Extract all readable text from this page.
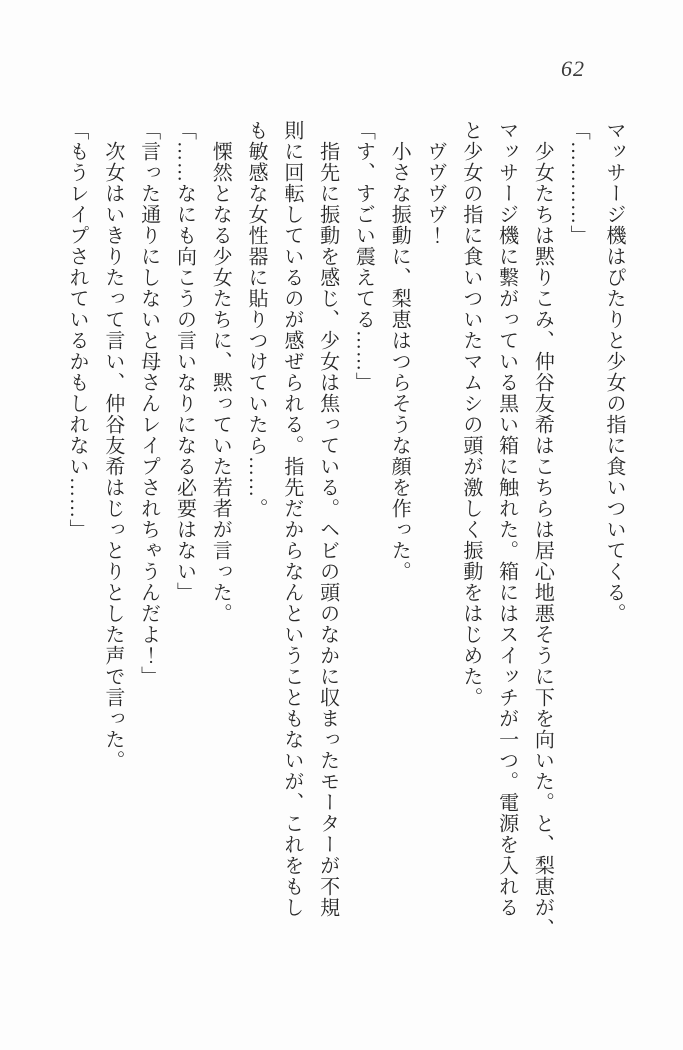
62

マッサージ機はぴたりと少女の指に食いついてくる。

「…………」

少女たちは黙りこみ、仲谷友希はこちらは居心地悪そうに下を向いた。と、梨恵が、

マッサージ機に繋がっている黒い箱に触れた。箱にはスイッチが一つ。電源を入れる

と少女の指に食いついたマムシの頭が激しく振動をはじめた。

ヴヴヴヴ！

小さな振動に、梨恵はつらそうな顔を作った。

「す、すごい震えてる……」

指先に振動を感じ、少女は焦っている。ヘビの頭のなかに収まったモーターが不規

則に回転しているのが感ぜられる。指先だからなんということもないが、これをもし

も敏感な女性器に貼りつけていたら……。

慄然となる少女たちに、黙っていた若者が言った。

「……なにも向こうの言いなりになる必要はない」

「言った通りにしないと母さんレイプされちゃうんだよ！」

次女はいきりたって言い、仲谷友希はじっとりとした声で言った。

「もうレイプされているかもしれない……」
